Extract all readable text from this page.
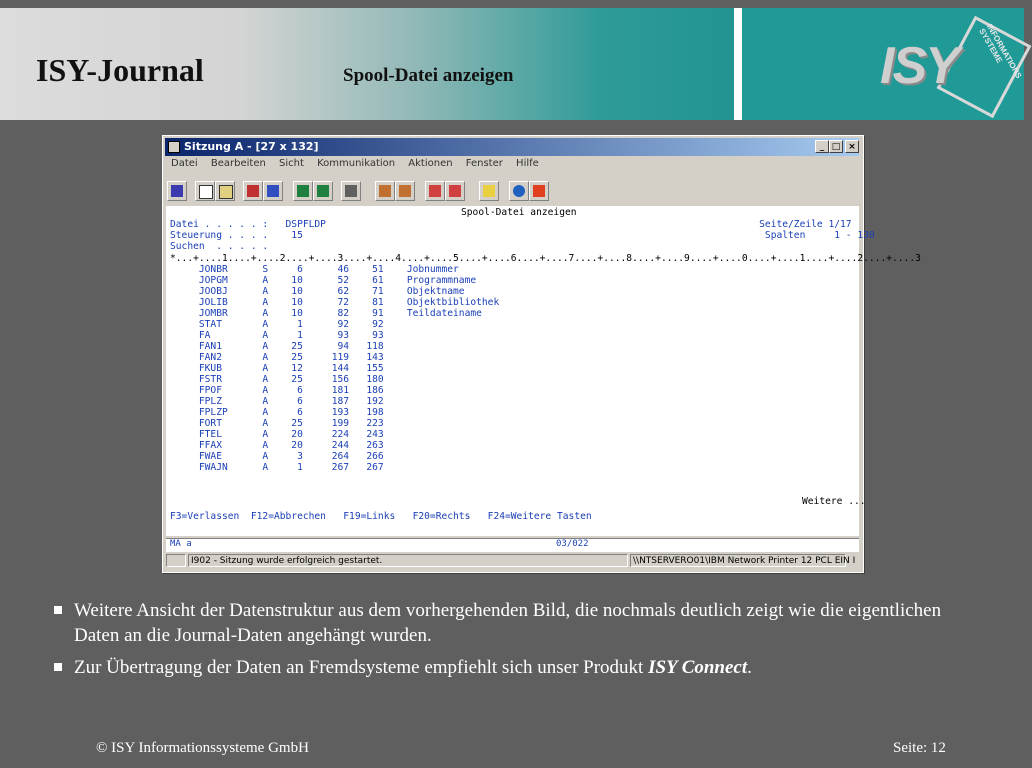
ISY-Journal	Spool-Datei anzeigen	ISY	INFORMATIONS SYSTEME
Sitzung A - [27 x 132]	_ □ ×
Datei Bearbeiten Sicht Kommunikation Aktionen Fenster Hilfe
Spool-Datei anzeigen
Datei . . . . . :   DSPFLDP                                                                           Seite/Zeile 1/17
Steuerung . . . .    15                                                                                Spalten     1 - 130
Suchen  . . . . .
*...+....1....+....2....+....3....+....4....+....5....+....6....+....7....+....8....+....9....+....0....+....1....+....2....+....3
JONBR      S     6      46    51    Jobnummer
JOPGM      A    10      52    61    Programmname
JOOBJ      A    10      62    71    Objektname
JOLIB      A    10      72    81    Objektbibliothek
JOMBR      A    10      82    91    Teildateiname
STAT       A     1      92    92
FA         A     1      93    93
FAN1       A    25      94   118
FAN2       A    25     119   143
FKUB       A    12     144   155
FSTR       A    25     156   180
FPOF       A     6     181   186
FPLZ       A     6     187   192
FPLZP      A     6     193   198
FORT       A    25     199   223
FTEL       A    20     224   243
FFAX       A    20     244   263
FWAE       A     3     264   266
FWAJN      A     1     267   267
Weitere ...
F3=Verlassen  F12=Abbrechen   F19=Links   F20=Rechts   F24=Weitere Tasten
MA a	03/022
I902 - Sitzung wurde erfolgreich gestartet.	\\NTSERVERO01\IBM Network Printer 12 PCL EIN I
Weitere Ansicht der Datenstruktur aus dem vorhergehenden Bild, die nochmals deutlich zeigt wie die eigentlichen Daten an die Journal-Daten angehängt wurden.
Zur Übertragung der Daten an Fremdsysteme empfiehlt sich unser Produkt ISY Connect.
© ISY Informationssysteme GmbH	Seite: 12
